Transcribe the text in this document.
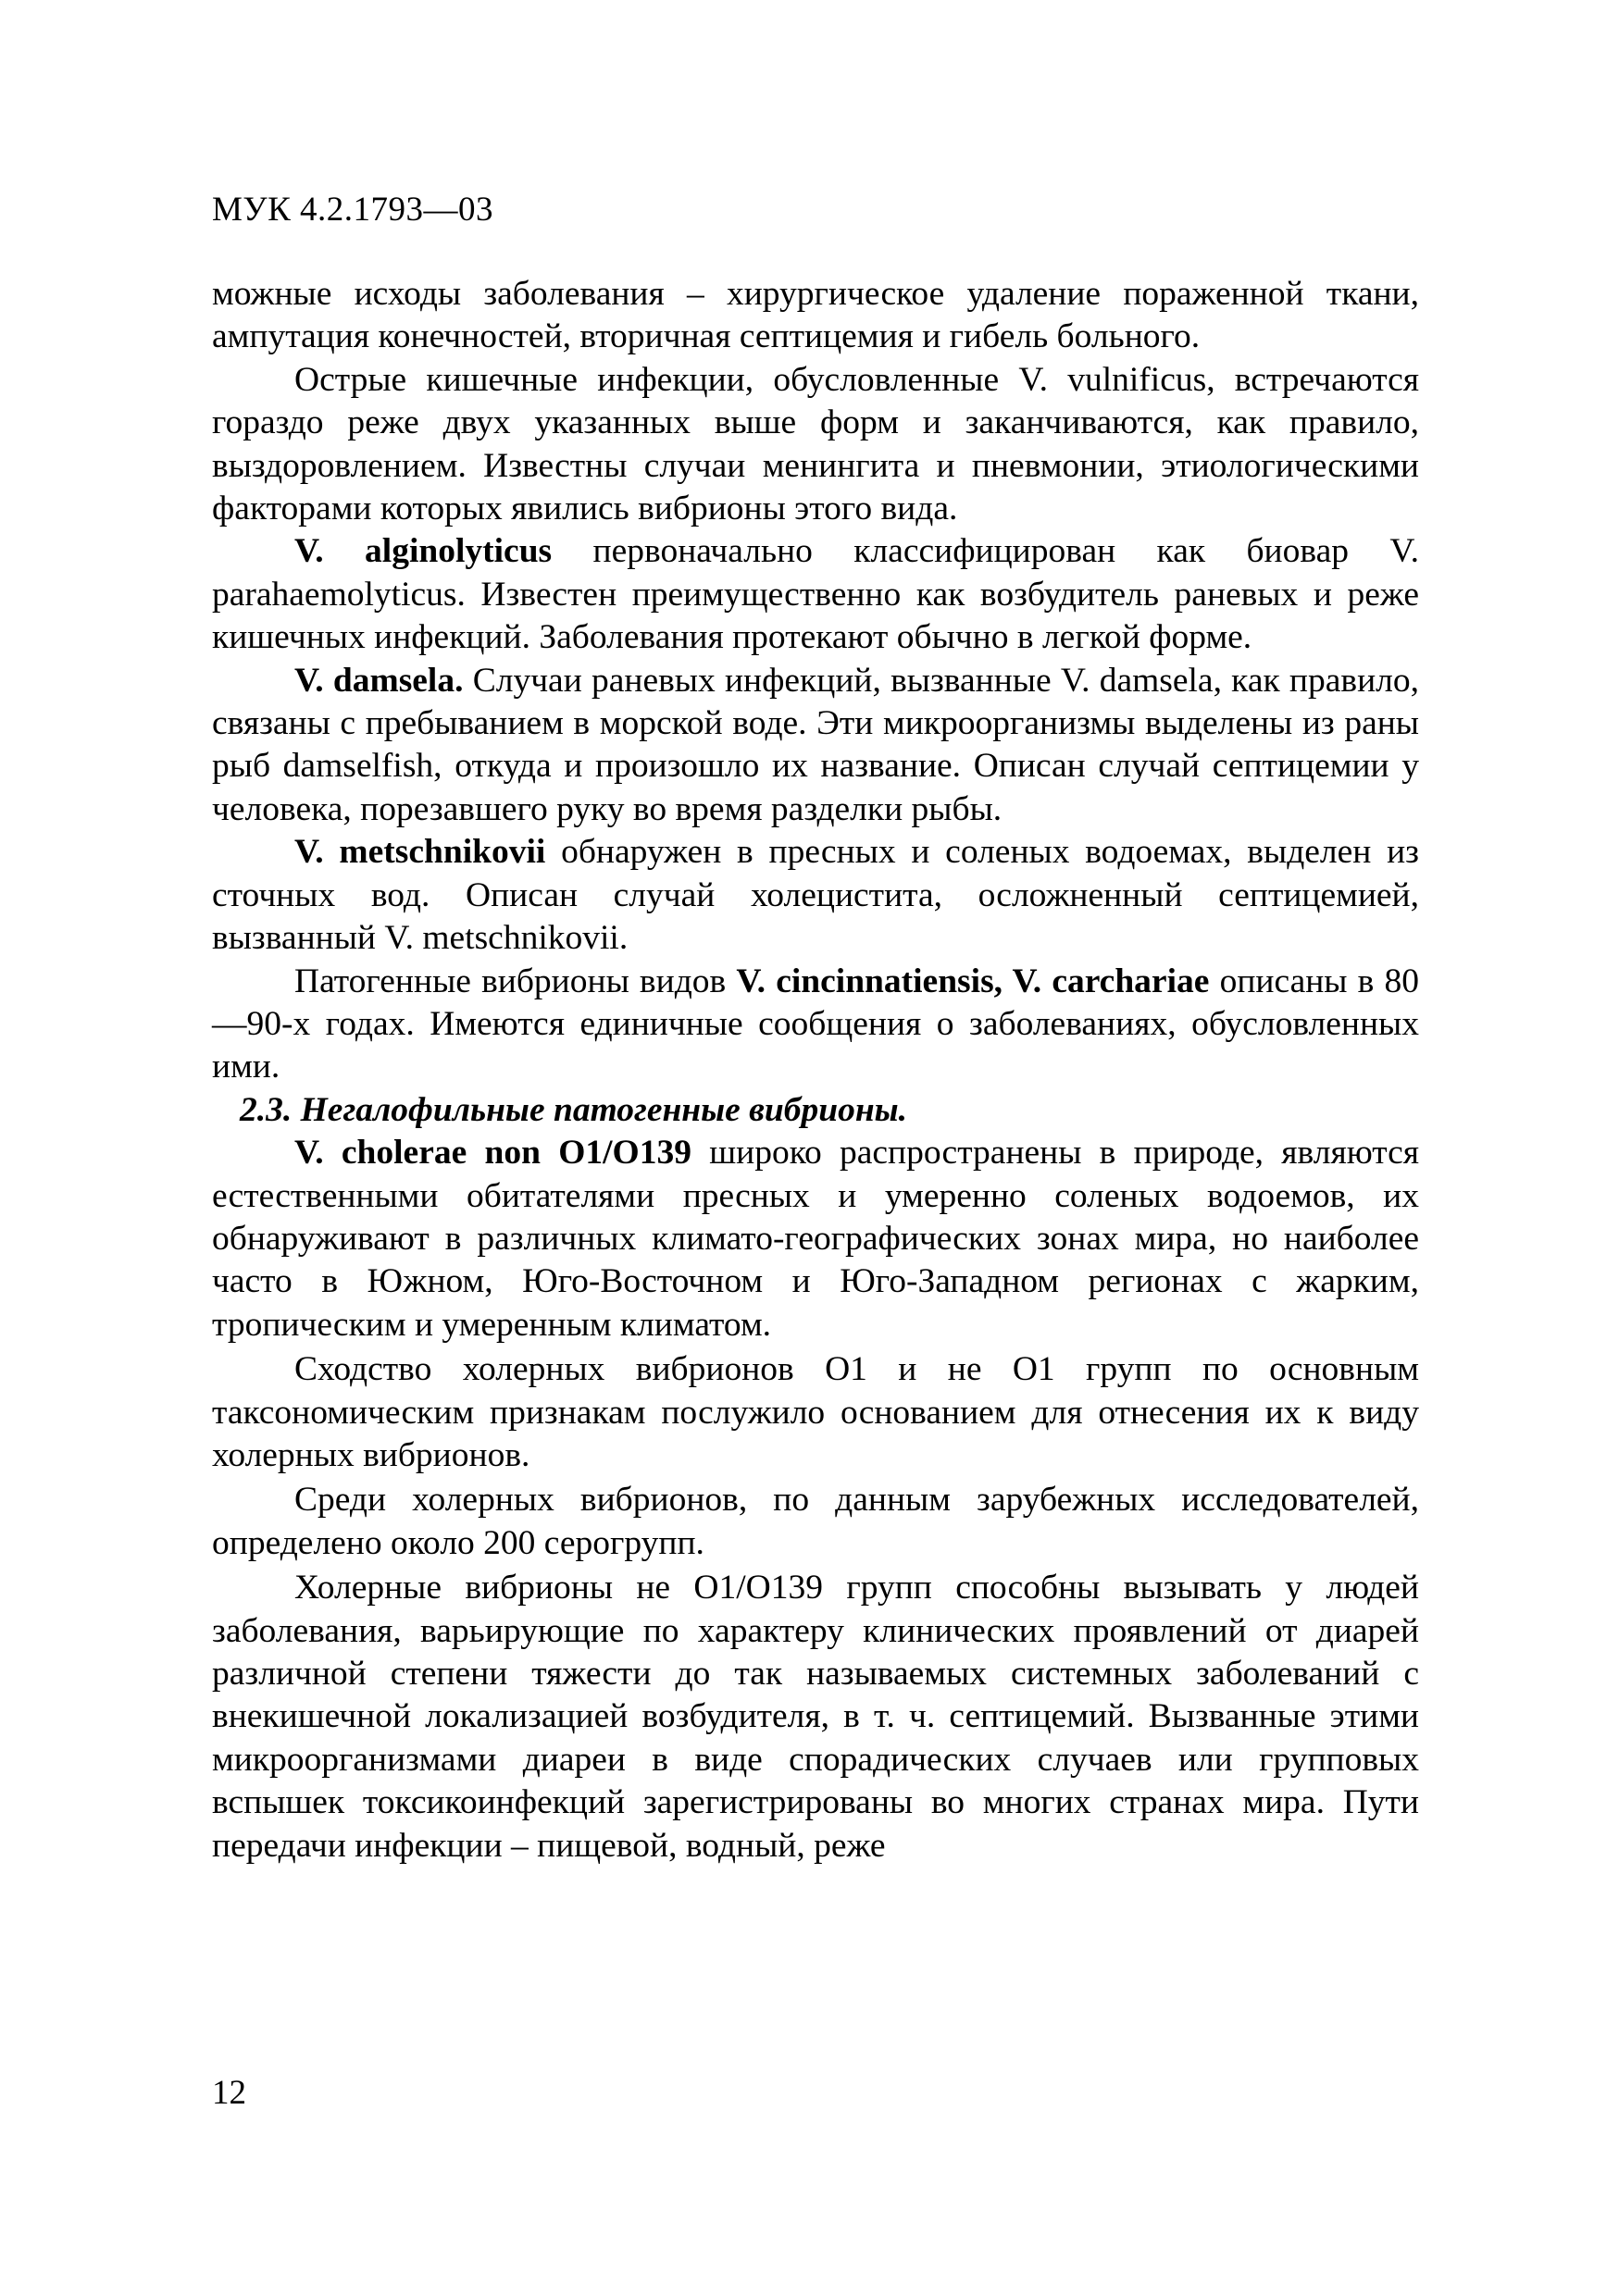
МУК 4.2.1793—03

можные исходы заболевания – хирургическое удаление пораженной ткани, ампутация конечностей, вторичная септицемия и гибель больного.

Острые кишечные инфекции, обусловленные V. vulnificus, встречаются гораздо реже двух указанных выше форм и заканчиваются, как правило, выздоровлением. Известны случаи менингита и пневмонии, этиологическими факторами которых явились вибрионы этого вида.

V. alginolyticus первоначально классифицирован как биовар V. parahaemolyticus. Известен преимущественно как возбудитель раневых и реже кишечных инфекций. Заболевания протекают обычно в легкой форме.

V. damsela. Случаи раневых инфекций, вызванные V. damsela, как правило, связаны с пребыванием в морской воде. Эти микроорганизмы выделены из раны рыб damselfish, откуда и произошло их название. Описан случай септицемии у человека, порезавшего руку во время разделки рыбы.

V. metschnikovii обнаружен в пресных и соленых водоемах, выделен из сточных вод. Описан случай холецистита, осложненный септицемией, вызванный V. metschnikovii.

Патогенные вибрионы видов V. cincinnatiensis, V. carchariae описаны в 80—90-х годах. Имеются единичные сообщения о заболеваниях, обусловленных ими.

2.3. Негалофильные патогенные вибрионы.

V. cholerae non O1/O139 широко распространены в природе, являются естественными обитателями пресных и умеренно соленых водоемов, их обнаруживают в различных климато-географических зонах мира, но наиболее часто в Южном, Юго-Восточном и Юго-Западном регионах с жарким, тропическим и умеренным климатом.

Сходство холерных вибрионов O1 и не O1 групп по основным таксономическим признакам послужило основанием для отнесения их к виду холерных вибрионов.

Среди холерных вибрионов, по данным зарубежных исследователей, определено около 200 серогрупп.

Холерные вибрионы не O1/O139 групп способны вызывать у людей заболевания, варьирующие по характеру клинических проявлений от диарей различной степени тяжести до так называемых системных заболеваний с внекишечной локализацией возбудителя, в т. ч. септицемий. Вызванные этими микроорганизмами диареи в виде спорадических случаев или групповых вспышек токсикоинфекций зарегистрированы во многих странах мира. Пути передачи инфекции – пищевой, водный, реже

12
